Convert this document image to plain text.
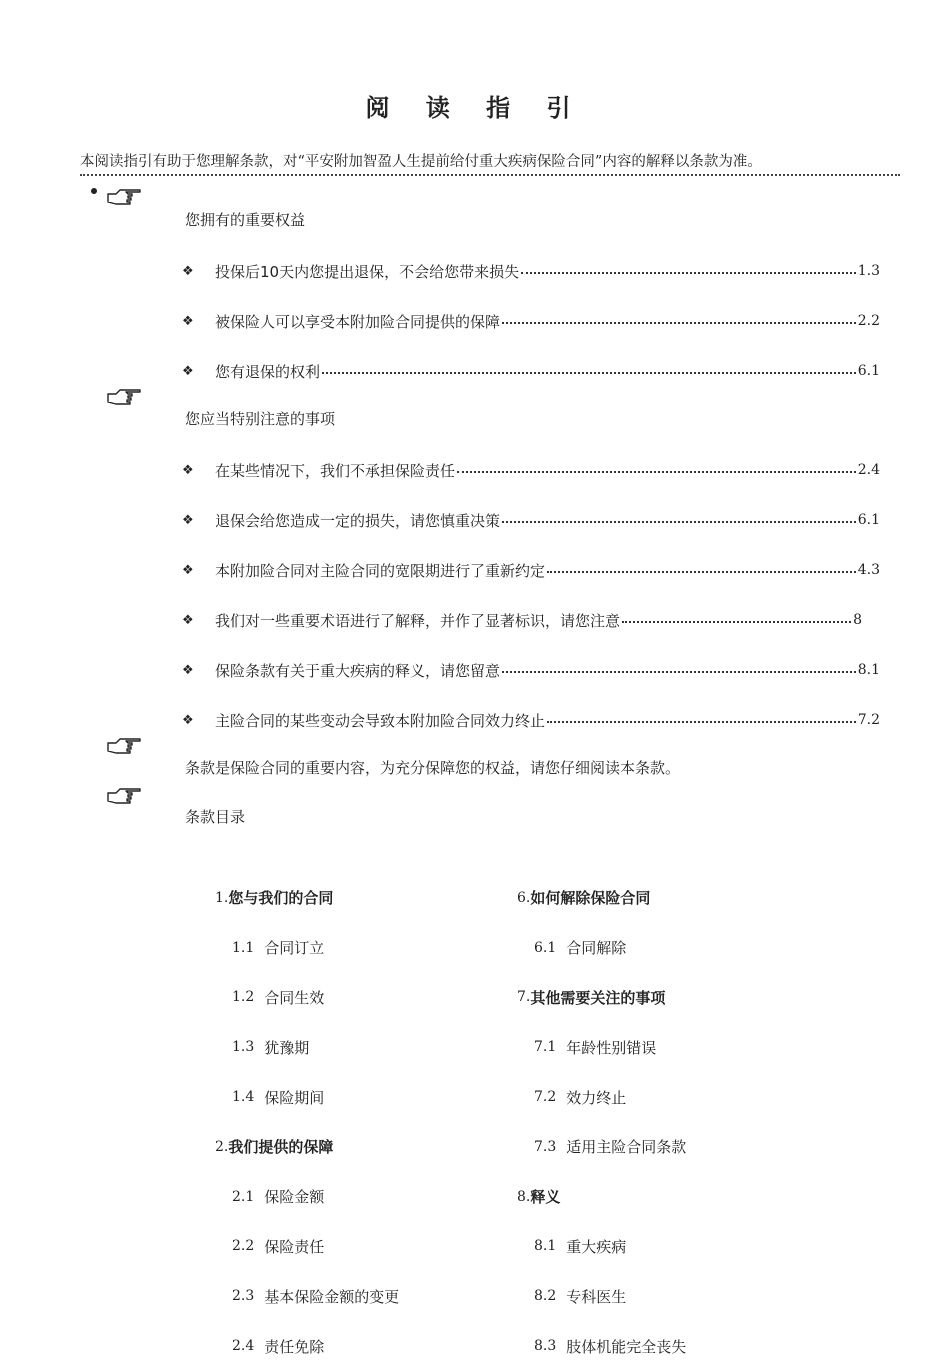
阅 读 指 引
本阅读指引有助于您理解条款，对“平安附加智盈人生提前给付重大疾病保险合同”内容的解释以条款为准。
您拥有的重要权益
❖	投保后10天内您提出退保，不会给您带来损失	1.3
❖	被保险人可以享受本附加险合同提供的保障	2.2
❖	您有退保的权利	6.1
您应当特别注意的事项
❖	在某些情况下，我们不承担保险责任	2.4
❖	退保会给您造成一定的损失，请您慎重决策	6.1
❖	本附加险合同对主险合同的宽限期进行了重新约定	4.3
❖	我们对一些重要术语进行了解释，并作了显著标识，请您注意	8
❖	保险条款有关于重大疾病的释义，请您留意	8.1
❖	主险合同的某些变动会导致本附加险合同效力终止	7.2
条款是保险合同的重要内容，为充分保障您的权益，请您仔细阅读本条款。
条款目录
1. 您与我们的合同
1.1 合同订立
1.2 合同生效
1.3 犹豫期
1.4 保险期间
2. 我们提供的保障
2.1 保险金额
2.2 保险责任
2.3 基本保险金额的变更
2.4 责任免除
6. 如何解除保险合同
6.1 合同解除
7. 其他需要关注的事项
7.1 年龄性别错误
7.2 效力终止
7.3 适用主险合同条款
8. 释义
8.1 重大疾病
8.2 专科医生
8.3 肢体机能完全丧失
